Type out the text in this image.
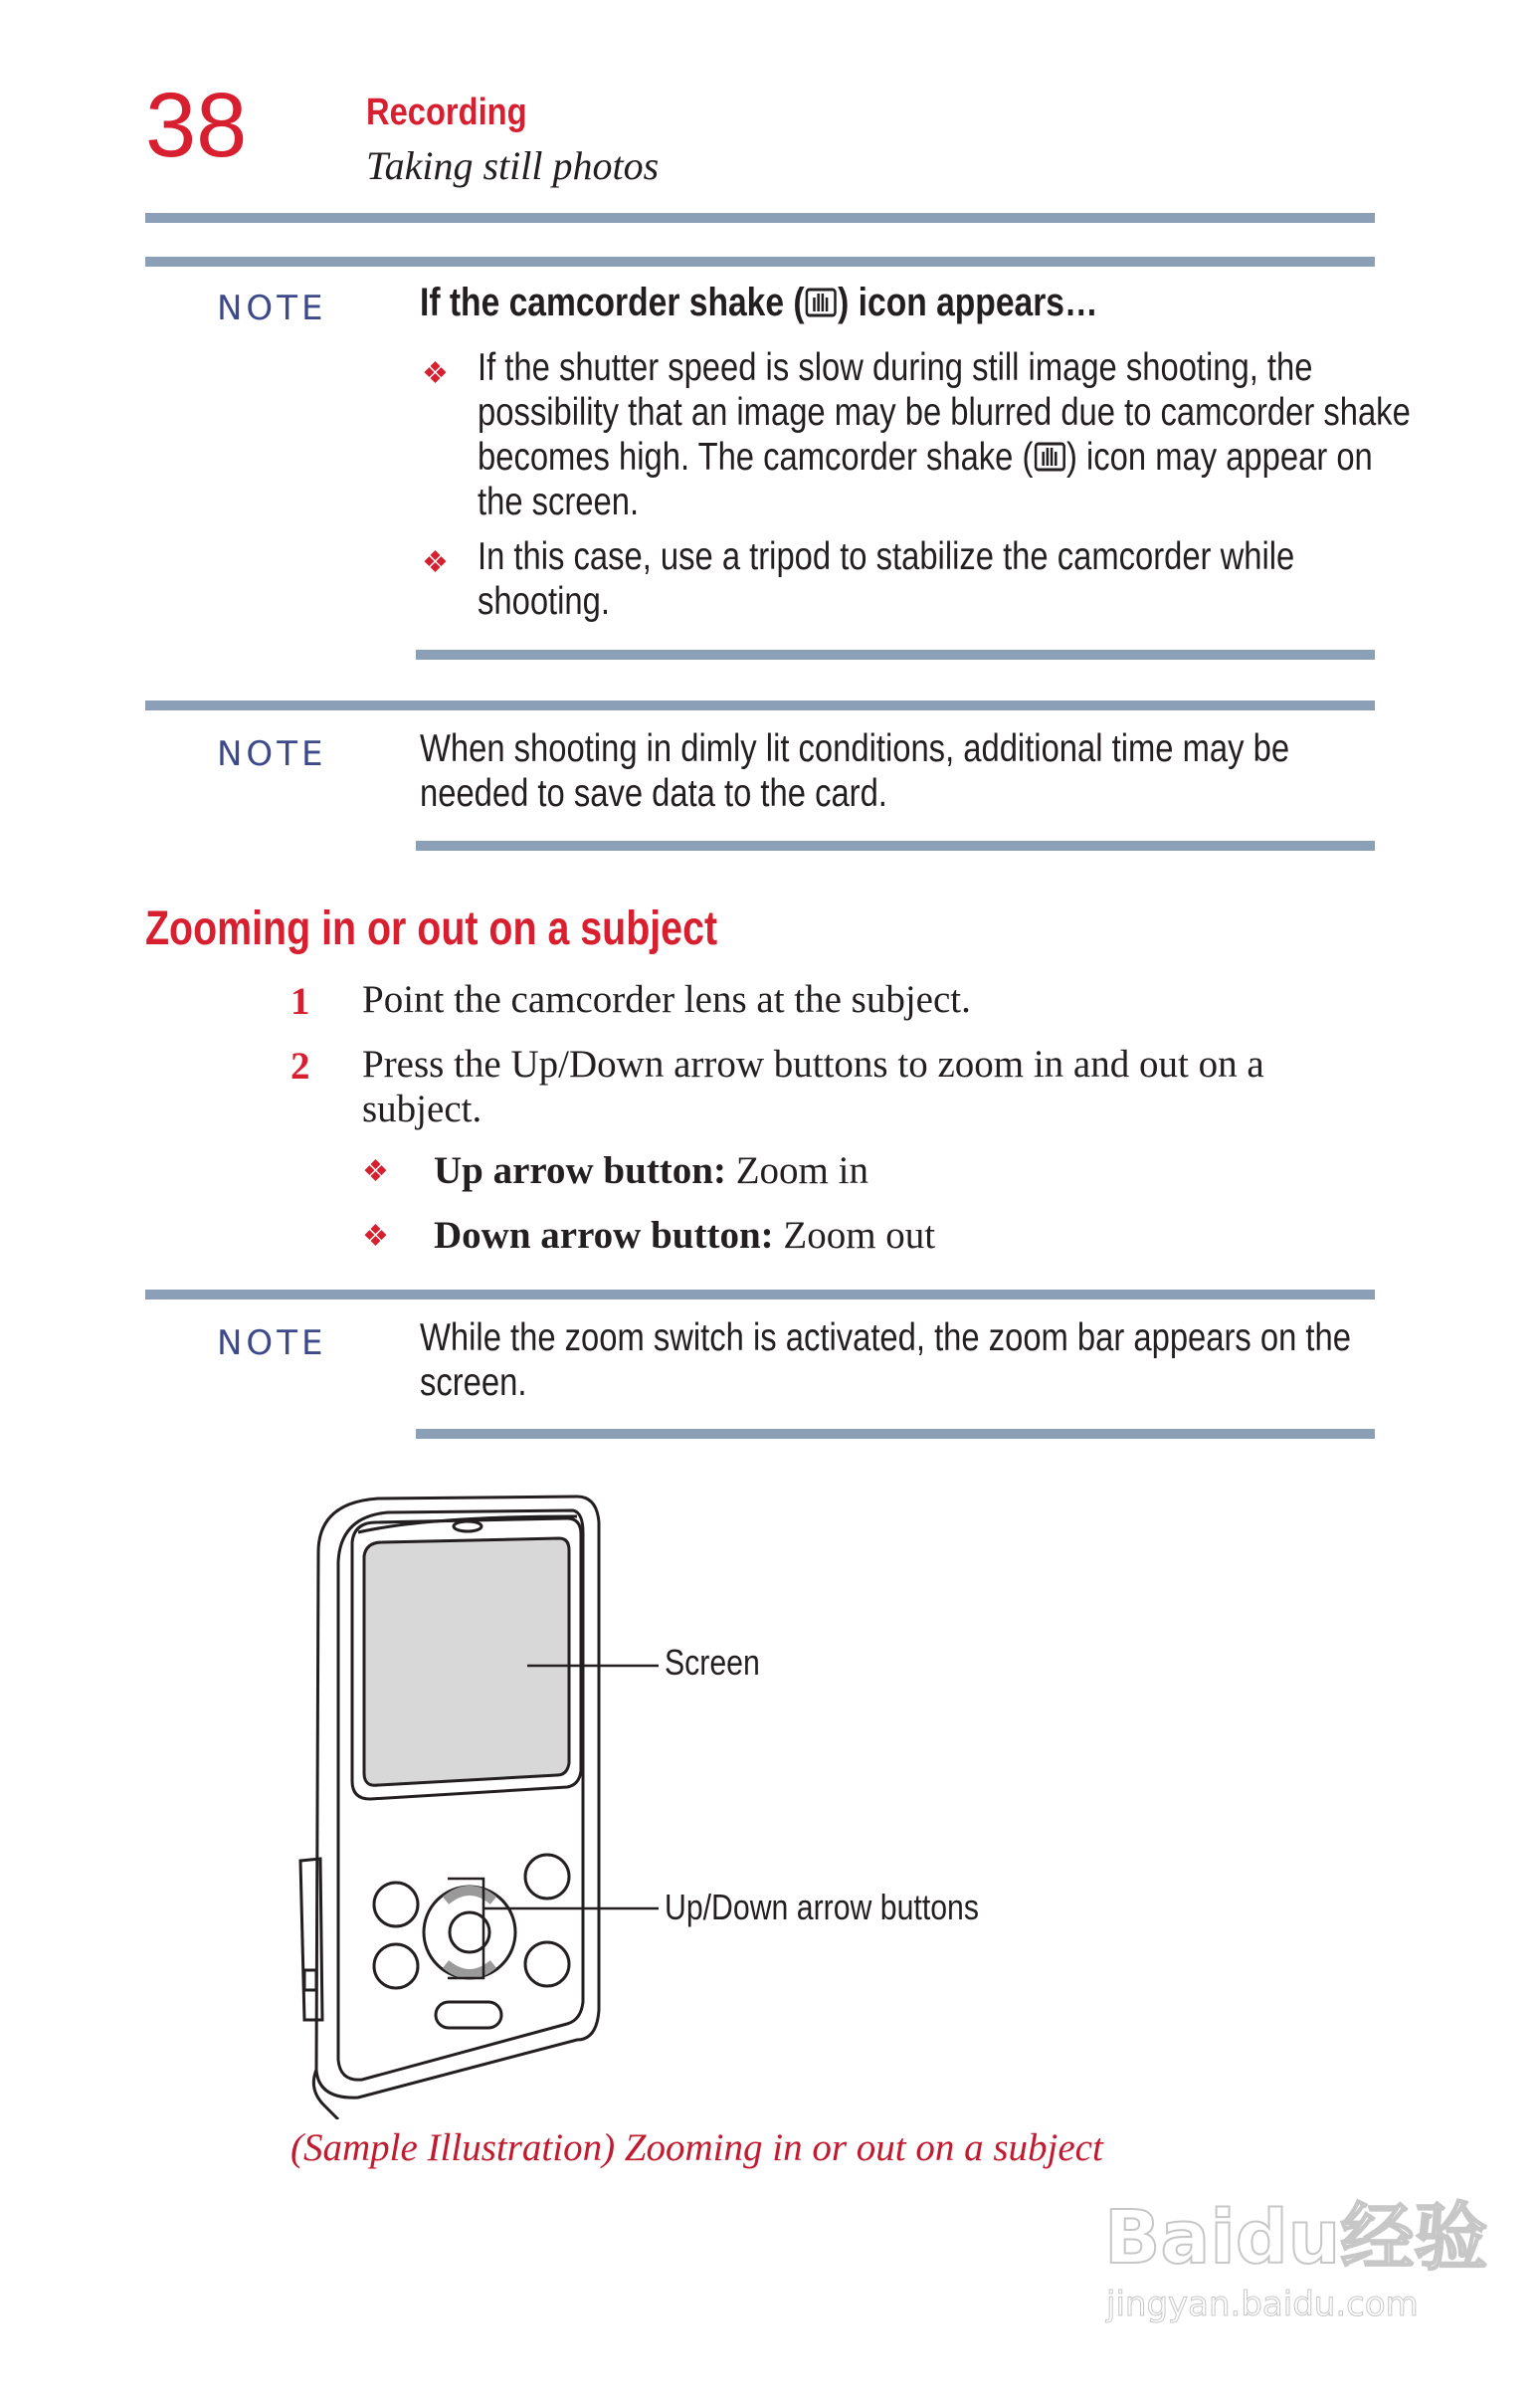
38	Recording
Taking still photos
NOTE If the camcorder shake ( ) icon appears…
❖ If the shutter speed is slow during still image shooting, the
possibility that an image may be blurred due to camcorder shake
becomes high. The camcorder shake ( ) icon may appear on
the screen.
❖ In this case, use a tripod to stabilize the camcorder while
shooting.
NOTE When shooting in dimly lit conditions, additional time may be
needed to save data to the card.
Zooming in or out on a subject
1 Point the camcorder lens at the subject.
2 Press the Up/Down arrow buttons to zoom in and out on a
subject.
❖ Up arrow button: Zoom in
❖ Down arrow button: Zoom out
NOTE While the zoom switch is activated, the zoom bar appears on the
screen.
Screen
Up/Down arrow buttons
(Sample Illustration) Zooming in or out on a subject
Baidu经验
jingyan.baidu.com
